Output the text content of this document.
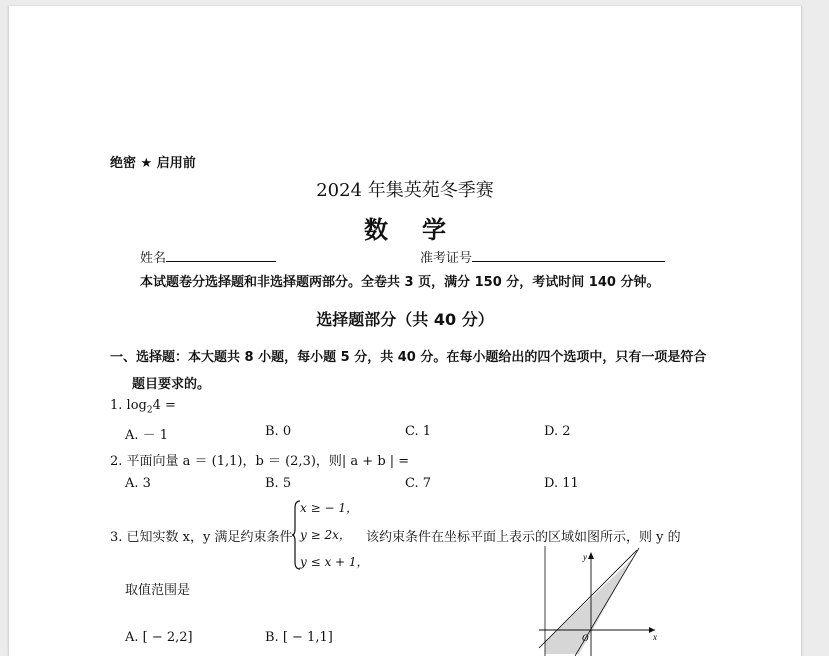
绝密 ★ 启用前
2024 年集英苑冬季赛
数学
姓名	准考证号
本试题卷分选择题和非选择题两部分。全卷共 3 页，满分 150 分，考试时间 140 分钟。
选择题部分（共 40 分）
一、选择题：本大题共 8 小题，每小题 5 分，共 40 分。在每小题给出的四个选项中，只有一项是符合
题目要求的。
1. $\log_24$ =
A. － 1	B. 0	C. 1	D. 2
2. 平面向量 a ＝ (1,1)，b ＝ (2,3)，则| a + b | =
A. 3	B. 5	C. 7	D. 11
3. 已知实数 x，y 满足约束条件
x ≥ − 1，
y ≥ 2x，
y ≤ x + 1，
该约束条件在坐标平面上表示的区域如图所示，则 y 的
取值范围是
A. [ − 2,2]	B. [ − 1,1]	x
y
O
